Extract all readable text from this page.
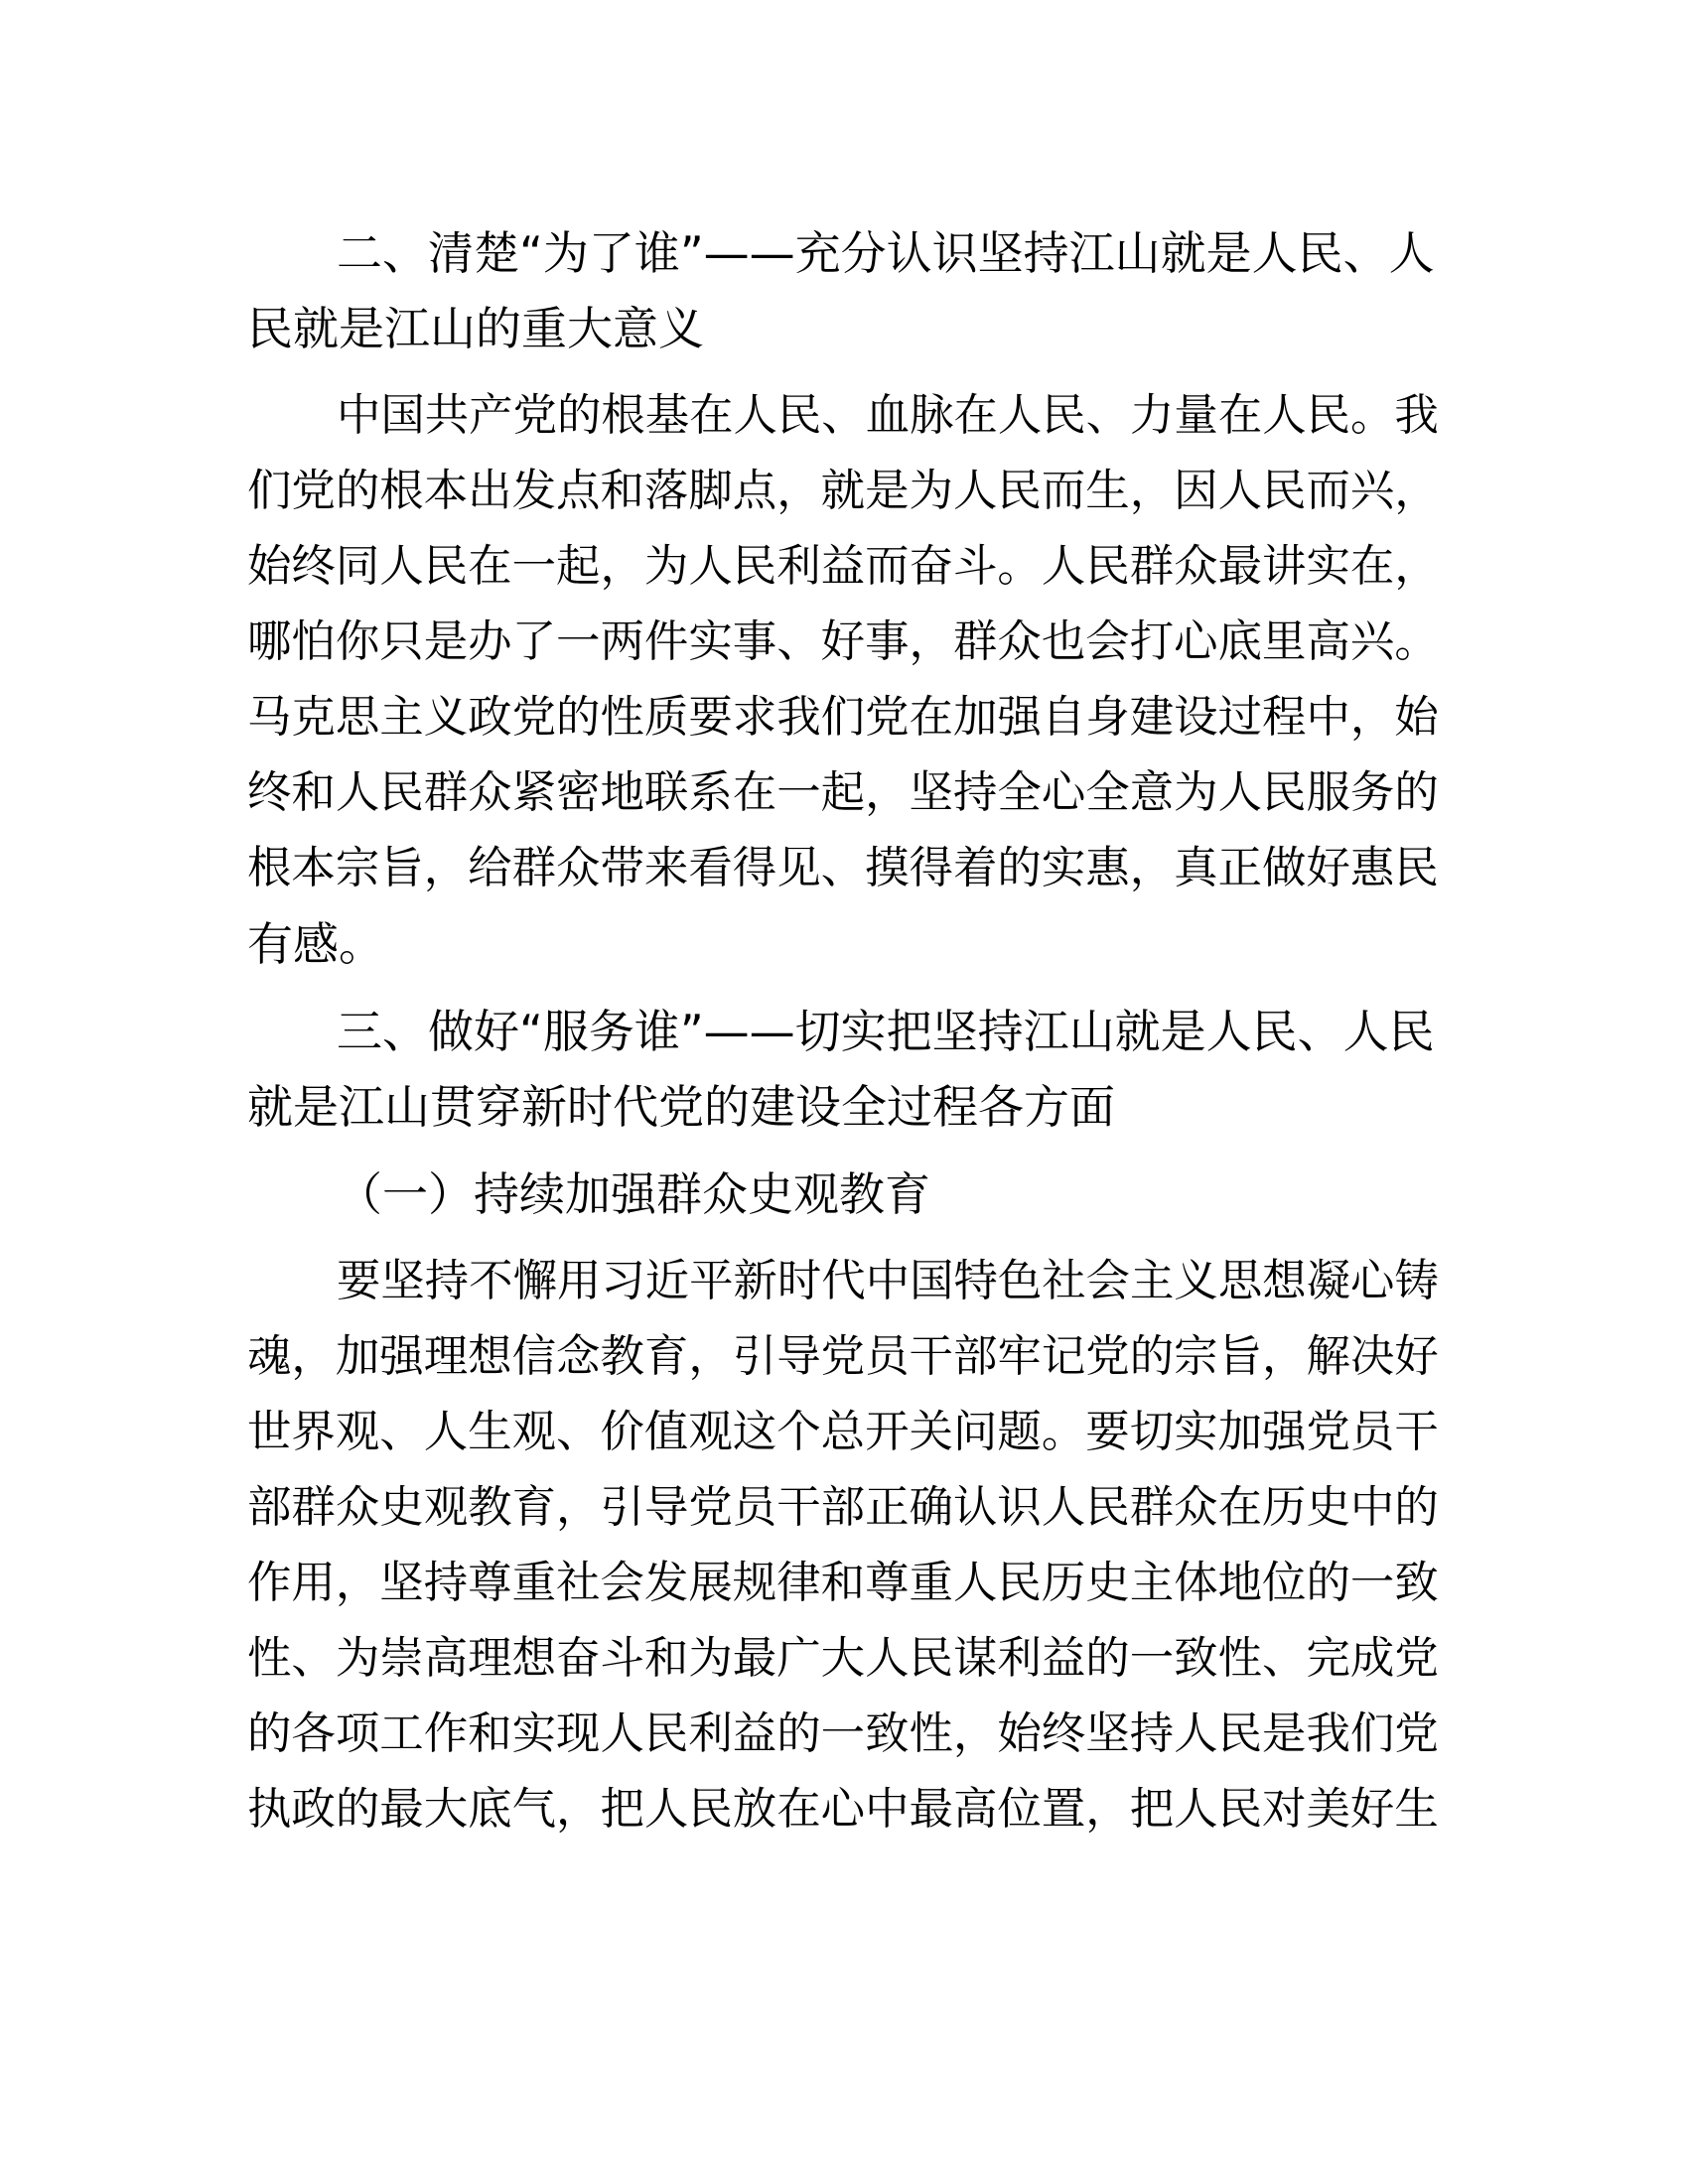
二、清楚“为了谁”——充分认识坚持江山就是人民、人
民就是江山的重大意义
中国共产党的根基在人民、血脉在人民、力量在人民。我
们党的根本出发点和落脚点，就是为人民而生，因人民而兴，
始终同人民在一起，为人民利益而奋斗。人民群众最讲实在，
哪怕你只是办了一两件实事、好事，群众也会打心底里高兴。
马克思主义政党的性质要求我们党在加强自身建设过程中，始
终和人民群众紧密地联系在一起，坚持全心全意为人民服务的
根本宗旨，给群众带来看得见、摸得着的实惠，真正做好惠民
有感。
三、做好“服务谁”——切实把坚持江山就是人民、人民
就是江山贯穿新时代党的建设全过程各方面
（一）持续加强群众史观教育
要坚持不懈用习近平新时代中国特色社会主义思想凝心铸
魂，加强理想信念教育，引导党员干部牢记党的宗旨，解决好
世界观、人生观、价值观这个总开关问题。要切实加强党员干
部群众史观教育，引导党员干部正确认识人民群众在历史中的
作用，坚持尊重社会发展规律和尊重人民历史主体地位的一致
性、为崇高理想奋斗和为最广大人民谋利益的一致性、完成党
的各项工作和实现人民利益的一致性，始终坚持人民是我们党
执政的最大底气，把人民放在心中最高位置，把人民对美好生
